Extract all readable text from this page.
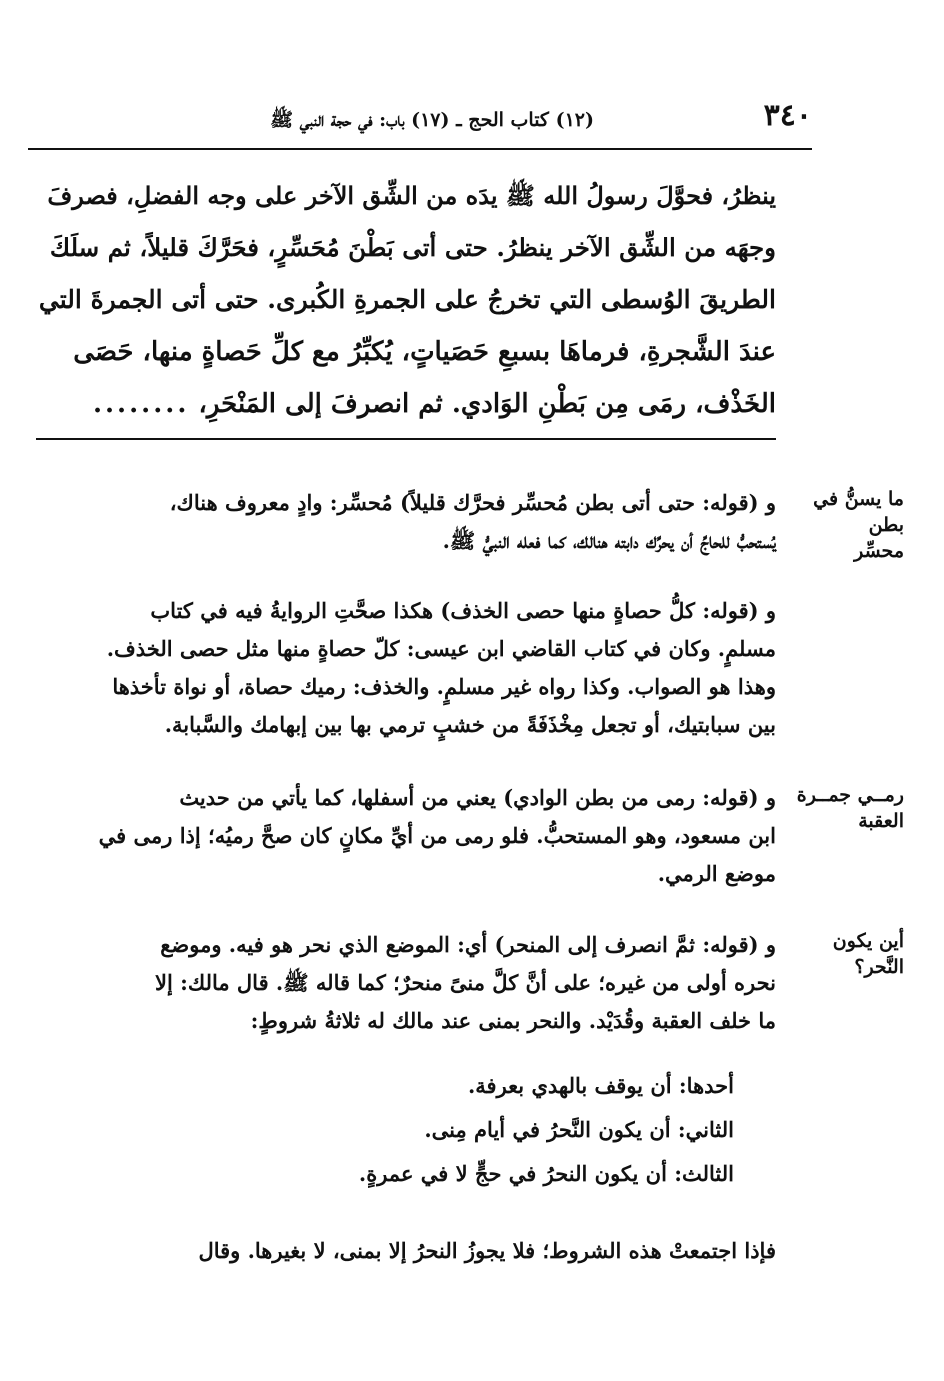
٣٤٠
(١٢) كتاب الحج ـ (١٧) باب: في حجة النبي ﷺ

ينظرُ، فحوَّلَ رسولُ الله ﷺ يدَه من الشِّق الآخر على وجه الفضلِ، فصرفَ

وجهَه من الشِّق الآخر ينظرُ. حتى أتى بَطْنَ مُحَسِّرٍ، فحَرَّكَ قليلاً، ثم سلَكَ

الطريقَ الوُسطى التي تخرجُ على الجمرةِ الكُبرى. حتى أتى الجمرةَ التي

عندَ الشَّجرةِ، فرماهَا بسبعِ حَصَياتٍ، يُكبِّرُ مع كلِّ حَصاةٍ منها، حَصَى

الخَذْف، رمَى مِن بَطْنِ الوَادي. ثم انصرفَ إلى المَنْحَرِ، ........

ما يسنُّ في بطن
محسِّر

و (قوله: حتى أتى بطن مُحسِّر فحرَّك قليلاً) مُحسِّر: وادٍ معروف هناك،

يُستحبُّ للحاجِّ أن يحرِّك دابته هنالك، كما فعله النبيُّ ﷺ.

و (قوله: كلُّ حصاةٍ منها حصى الخذف) هكذا صحَّتِ الروايةُ فيه في كتاب

مسلمٍ. وكان في كتاب القاضي ابن عيسى: كلّ حصاةٍ منها مثل حصى الخذف.

وهذا هو الصواب. وكذا رواه غير مسلمٍ. والخذف: رميك حصاة، أو نواة تأخذها

بين سبابتيك، أو تجعل مِخْذَفَةً من خشبٍ ترمي بها بين إبهامك والسَّبابة.

رمــي جمــرة
العقبة

و (قوله: رمى من بطن الوادي) يعني من أسفلها، كما يأتي من حديث

ابن مسعود، وهو المستحبُّ. فلو رمى من أيِّ مكانٍ كان صحَّ رميُه؛ إذا رمى في

موضع الرمي.

أين يكون
النَّحر؟

و (قوله: ثمَّ انصرف إلى المنحر) أي: الموضع الذي نحر هو فيه. وموضع

نحره أولى من غيره؛ على أنَّ كلَّ منىً منحرٌ؛ كما قاله ﷺ. قال مالك: إلا

ما خلف العقبة وقُدَيْد. والنحر بمنى عند مالك له ثلاثةُ شروطٍ:

أحدها: أن يوقف بالهدي بعرفة.

الثاني: أن يكون النَّحرُ في أيام مِنى.

الثالث: أن يكون النحرُ في حجٍّ لا في عمرةٍ.

فإذا اجتمعتْ هذه الشروط؛ فلا يجوزُ النحرُ إلا بمنى، لا بغيرها. وقال
